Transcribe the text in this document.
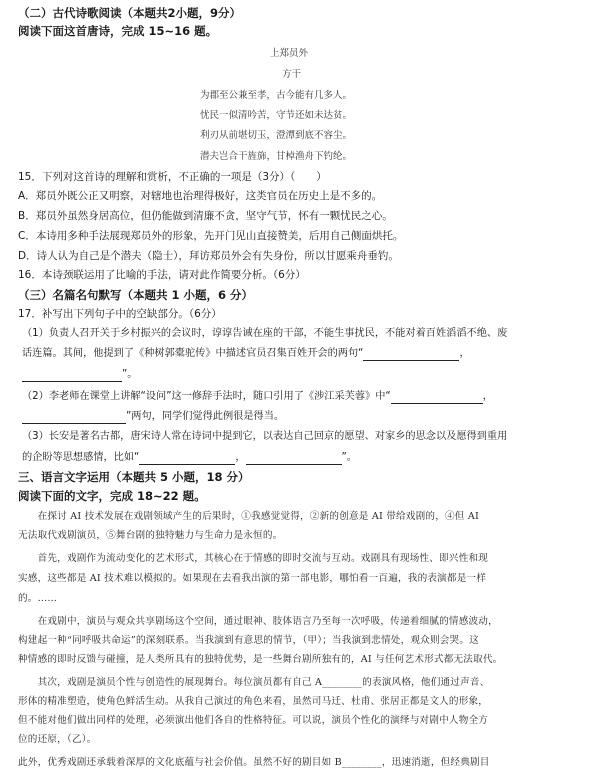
（二）古代诗歌阅读（本题共2小题，9分）
阅读下面这首唐诗，完成 15~16 题。
上郑员外
方干
为郡至公兼至孝，古今能有几多人。
忧民一似清吟苦，守节还如未达贫。
利刃从前堪切玉，澄潭到底不容尘。
潜夫岂合干旌旆，甘棹渔舟下钓纶。
15．下列对这首诗的理解和赏析，不正确的一项是（3分）（　　）
A．郑员外既公正又明察，对辖地也治理得极好，这类官员在历史上是不多的。
B．郑员外虽然身居高位，但仍能做到清廉不贪，坚守气节，怀有一颗忧民之心。
C．本诗用多种手法展现郑员外的形象，先开门见山直接赞美，后用自己侧面烘托。
D．诗人认为自己是个潜夫（隐士），拜访郑员外会有失身份，所以甘愿乘舟垂钓。
16．本诗颈联运用了比喻的手法，请对此作简要分析。（6分）
（三）名篇名句默写（本题共 1 小题，6 分）
17．补写出下列句子中的空缺部分。（6分）
（1）负责人召开关于乡村振兴的会议时，谆谆告诫在座的干部，不能生事扰民，不能对着百姓滔滔不绝、废
话连篇。其间，他提到了《种树郭橐驼传》中描述官员召集百姓开会的两句“	，
”。
（2）李老师在课堂上讲解“设问”这一修辞手法时，随口引用了《涉江采芙蓉》中“	，
”两句，同学们觉得此例很是得当。
（3）长安是著名古都，唐宋诗人常在诗词中提到它，以表达自己回京的愿望、对家乡的思念以及愿得到重用
的企盼等思想感情，比如“	，	”。
三、语言文字运用（本题共 5 小题，18 分）
阅读下面的文字，完成 18~22 题。
　　在探讨 AI 技术发展在戏剧领域产生的后果时，①我感觉觉得，②新的创意是 AI 带给戏剧的，④但 AI
无法取代戏剧演员，⑤舞台剧的独特魅力与生命力是永恒的。
　　首先，戏剧作为流动变化的艺术形式，其核心在于情感的即时交流与互动。戏剧具有现场性、即兴性和现
实感，这些都是 AI 技术难以模拟的。如果现在去看我出演的第一部电影，哪怕看一百遍，我的表演都是一样
的。……
　　在戏剧中，演员与观众共享剧场这个空间，通过眼神、肢体语言乃至每一次呼吸，传递着细腻的情感波动，
构建起一种“同呼吸共命运”的深刻联系。当我演到有意思的情节，（甲）；当我演到悲情处，观众则会哭。这
种情感的即时反馈与碰撞，是人类所具有的独特优势，是一些舞台剧所独有的，AI 与任何艺术形式都无法取代。
　　其次，戏剧是演员个性与创造性的展现舞台。每位演员都有自己 A________的表演风格，他们通过声音、
形体的精准塑造，使角色鲜活生动。从我自己演过的角色来看，虽然司马迁、杜甫、张居正都是文人的形象，
但不能对他们做出同样的处理，必须演出他们各自的性格特征。可以说，演员个性化的演绎与对剧中人物全方
位的还原，（乙）。
此外，优秀戏剧还承载着深厚的文化底蕴与社会价值。虽然不好的剧目如 B________，迅速消逝，但经典剧目
